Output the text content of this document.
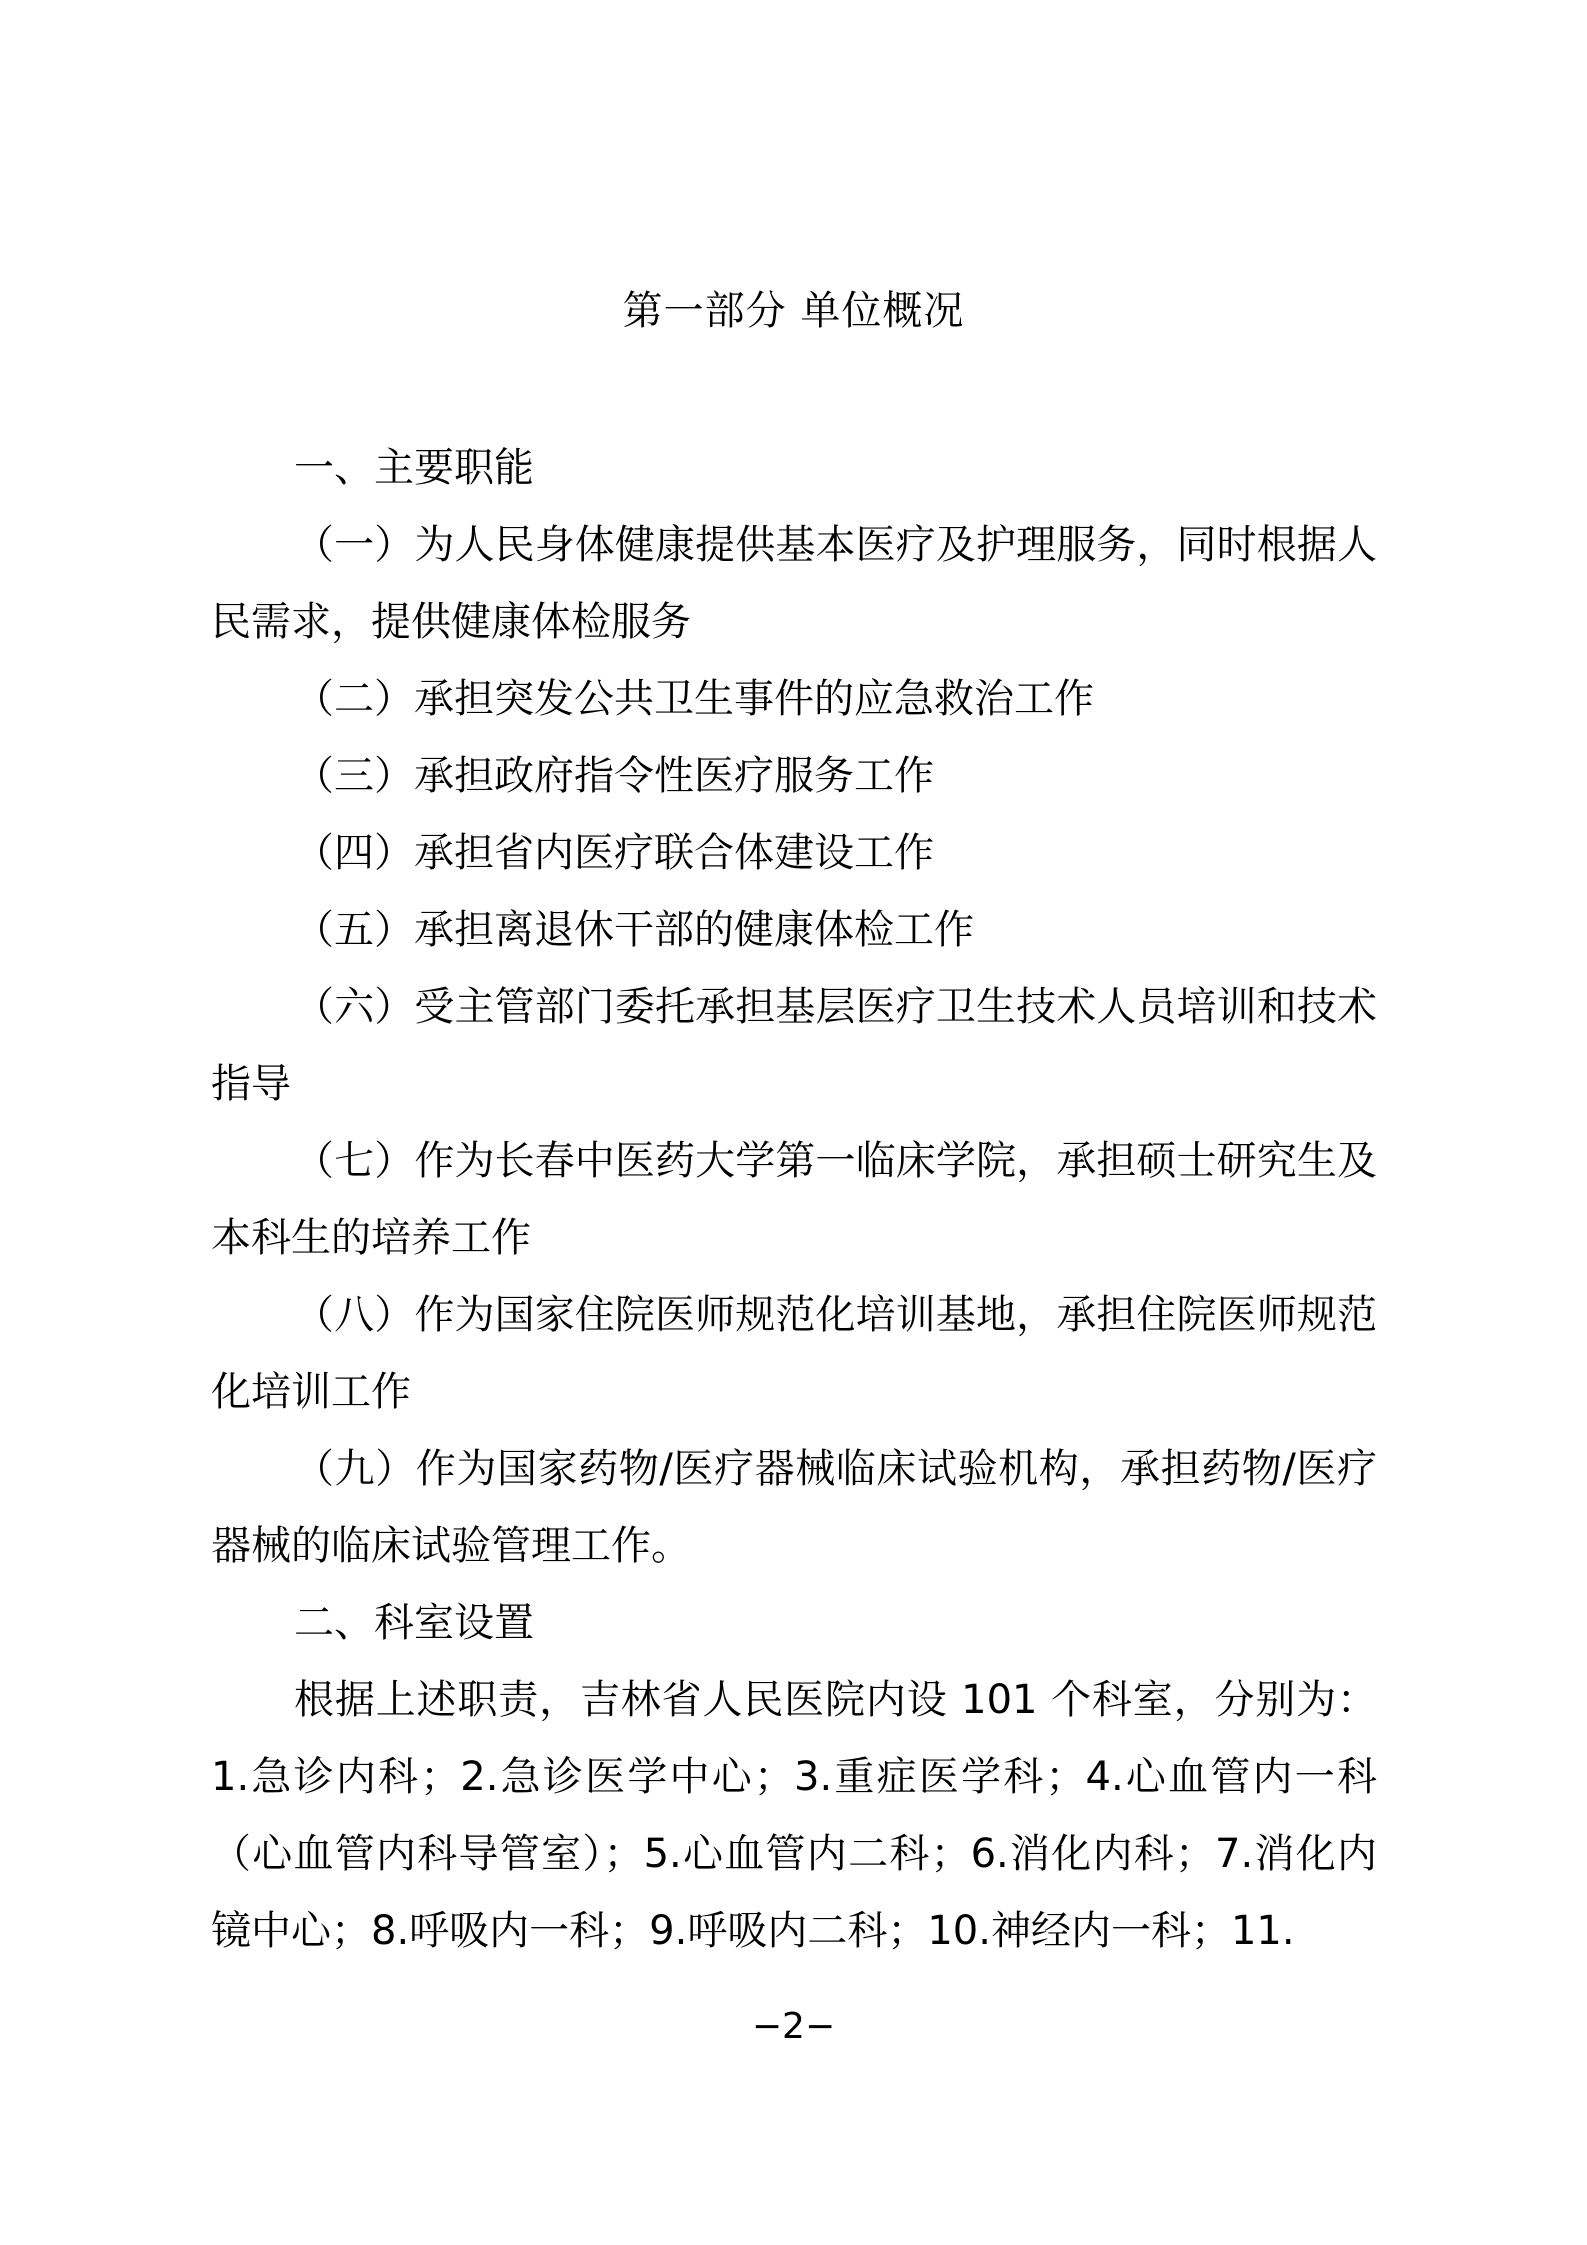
第一部分 单位概况

一、主要职能

（一）为人民身体健康提供基本医疗及护理服务，同时根据人民需求，提供健康体检服务

（二）承担突发公共卫生事件的应急救治工作

（三）承担政府指令性医疗服务工作

（四）承担省内医疗联合体建设工作

（五）承担离退休干部的健康体检工作

（六）受主管部门委托承担基层医疗卫生技术人员培训和技术指导

（七）作为长春中医药大学第一临床学院，承担硕士研究生及本科生的培养工作

（八）作为国家住院医师规范化培训基地，承担住院医师规范化培训工作

（九）作为国家药物/医疗器械临床试验机构，承担药物/医疗器械的临床试验管理工作。

二、科室设置

根据上述职责，吉林省人民医院内设 101 个科室，分别为：1.急诊内科；2.急诊医学中心；3.重症医学科；4.心血管内一科（心血管内科导管室）；5.心血管内二科；6.消化内科；7.消化内镜中心；8.呼吸内一科；9.呼吸内二科；10.神经内一科；11.

−2−
